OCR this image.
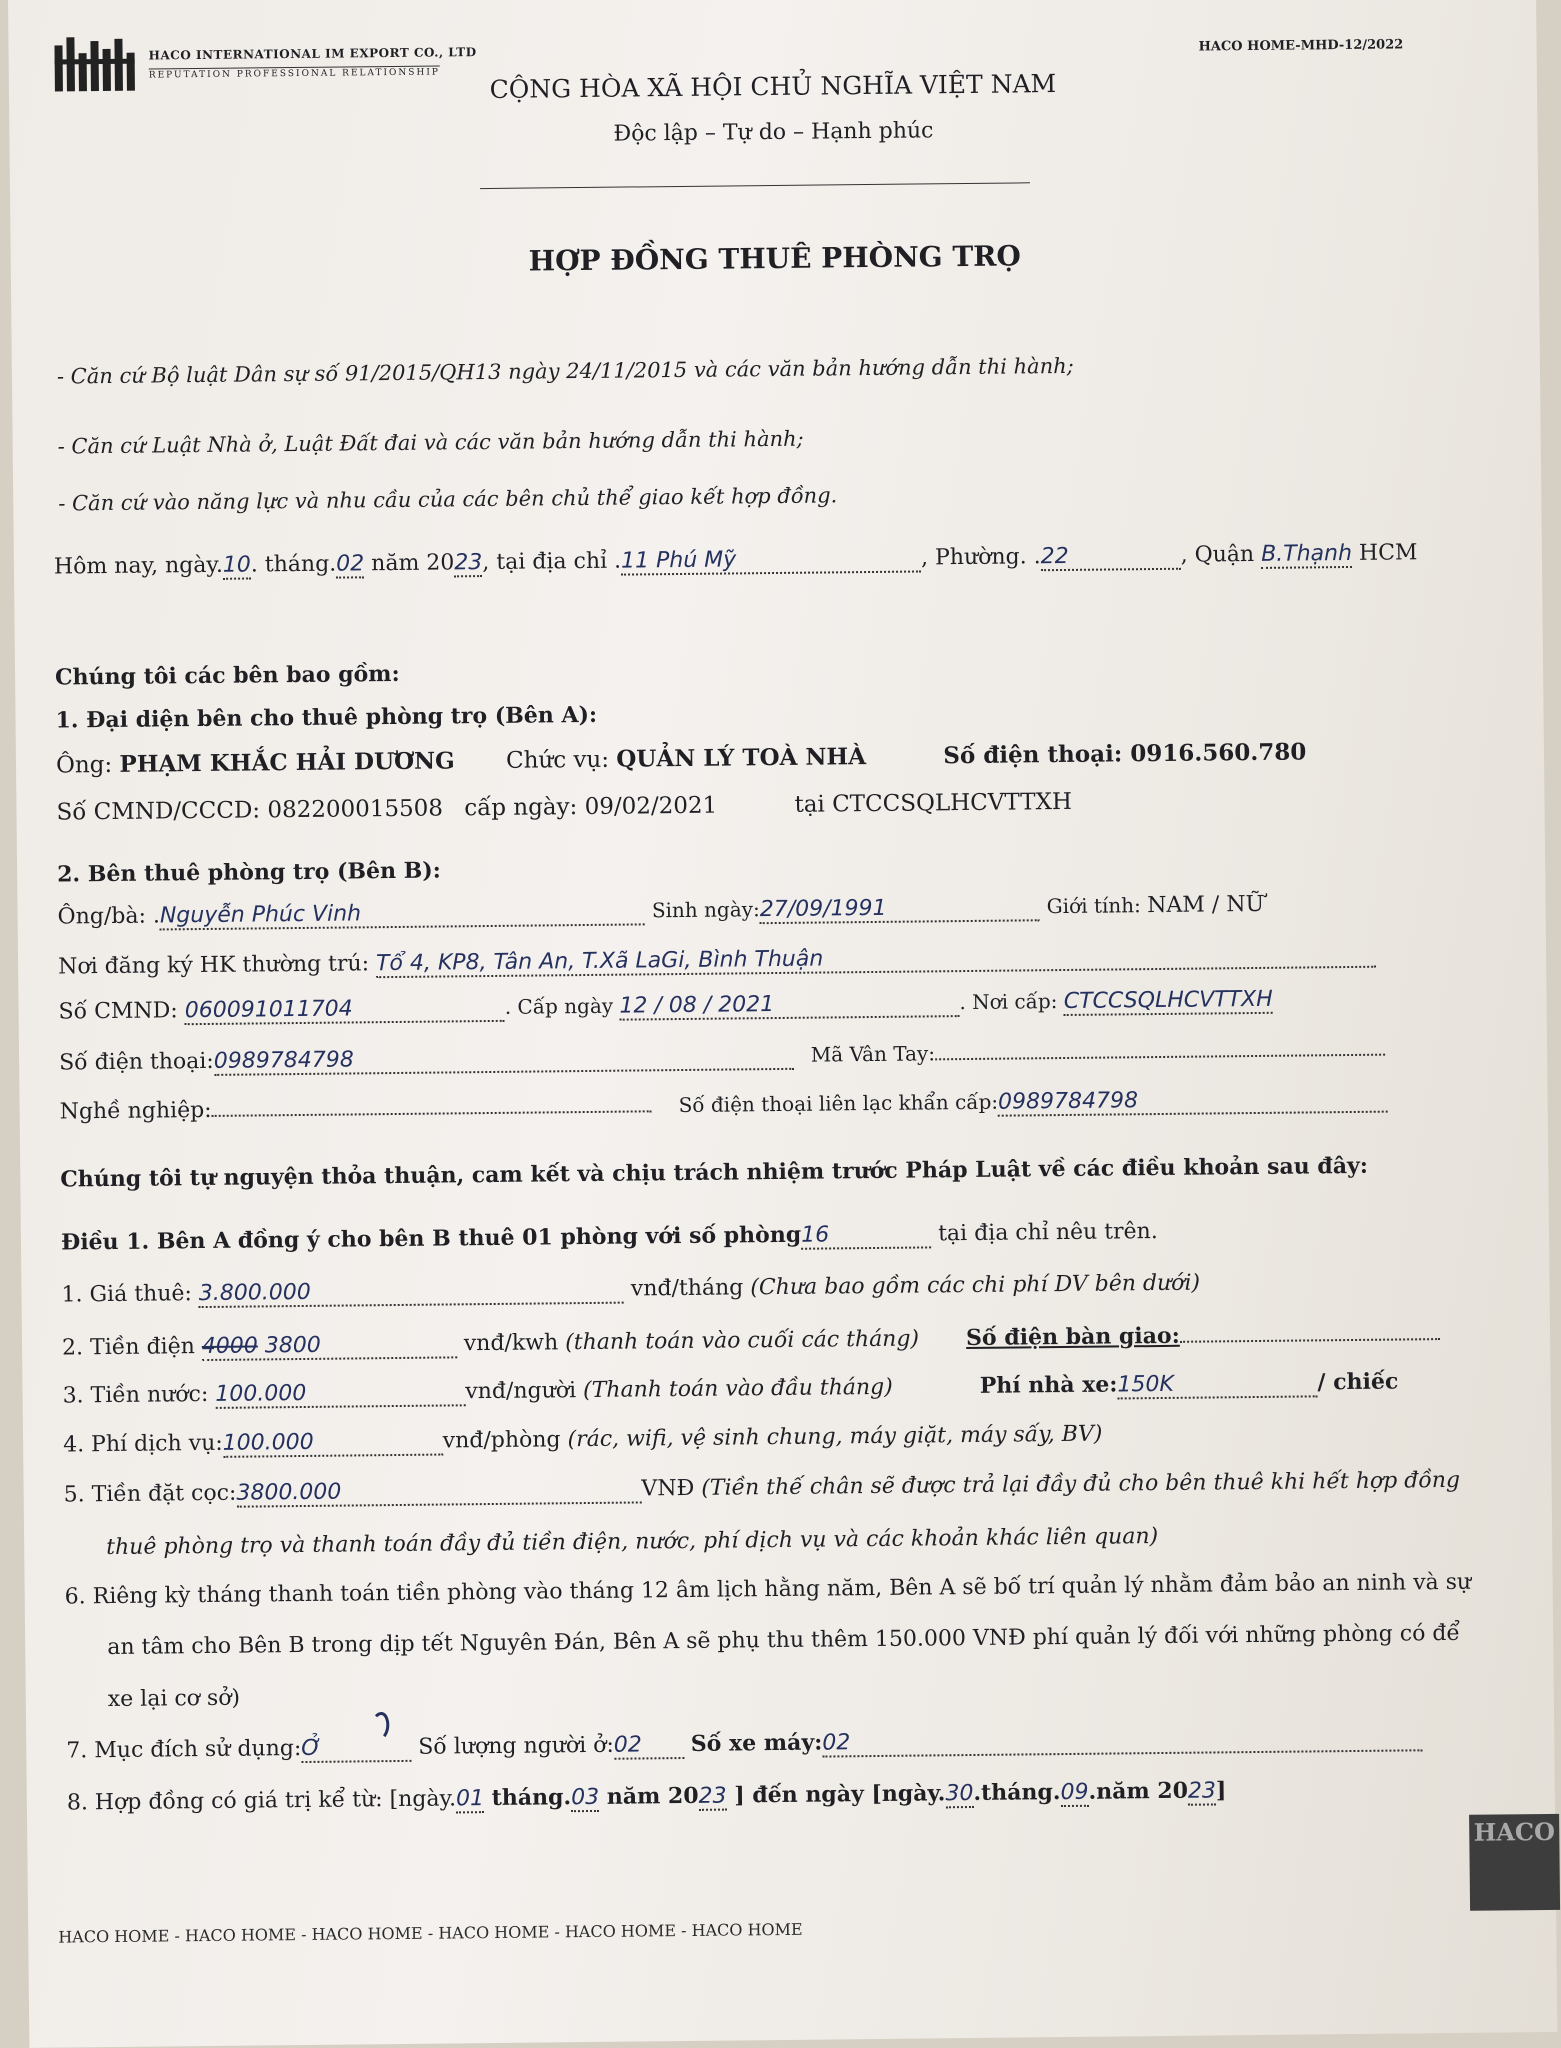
HACO INTERNATIONAL IM EXPORT CO., LTD
REPUTATION PROFESSIONAL RELATIONSHIP
HACO HOME-MHD-12/2022
CỘNG HÒA XÃ HỘI CHỦ NGHĨA VIỆT NAM
Độc lập – Tự do – Hạnh phúc
HỢP ĐỒNG THUÊ PHÒNG TRỌ
- Căn cứ Bộ luật Dân sự số 91/2015/QH13 ngày 24/11/2015 và các văn bản hướng dẫn thi hành;
- Căn cứ Luật Nhà ở, Luật Đất đai và các văn bản hướng dẫn thi hành;
- Căn cứ vào năng lực và nhu cầu của các bên chủ thể giao kết hợp đồng.
Hôm nay, ngày.10. tháng.02 năm 2023, tại địa chỉ .11 Phú Mỹ	, Phường. .22	, Quận B.Thạnh HCM
Chúng tôi các bên bao gồm:
1. Đại diện bên cho thuê phòng trọ (Bên A):
Ông: PHẠM KHẮC HẢI DƯƠNG Chức vụ: QUẢN LÝ TOÀ NHÀ	Số điện thoại: 0916.560.780
Số CMND/CCCD: 082200015508 cấp ngày: 09/02/2021	tại CTCCSQLHCVTTXH
2. Bên thuê phòng trọ (Bên B):
Ông/bà: .Nguyễn Phúc Vinh	Sinh ngày:27/09/1991	Giới tính: NAM / NỮ
Nơi đăng ký HK thường trú: Tổ 4, KP8, Tân An, T.Xã LaGi, Bình Thuận
Số CMND: 060091011704	. Cấp ngày 12 / 08 / 2021	. Nơi cấp: CTCCSQLHCVTTXH
Số điện thoại:0989784798	Mã Vân Tay:
Nghề nghiệp:	Số điện thoại liên lạc khẩn cấp:0989784798
Chúng tôi tự nguyện thỏa thuận, cam kết và chịu trách nhiệm trước Pháp Luật về các điều khoản sau đây:
Điều 1. Bên A đồng ý cho bên B thuê 01 phòng với số phòng16	tại địa chỉ nêu trên.
1. Giá thuê: 3.800.000	vnđ/tháng (Chưa bao gồm các chi phí DV bên dưới)
2. Tiền điện 4000 3800	vnđ/kwh (thanh toán vào cuối các tháng) Số điện bàn giao:
3. Tiền nước: 100.000	vnđ/người (Thanh toán vào đầu tháng)	Phí nhà xe:150K	/ chiếc
4. Phí dịch vụ:100.000	vnđ/phòng (rác, wifi, vệ sinh chung, máy giặt, máy sấy, BV)
5. Tiền đặt cọc:3800.000	VNĐ (Tiền thế chân sẽ được trả lại đầy đủ cho bên thuê khi hết hợp đồng
thuê phòng trọ và thanh toán đầy đủ tiền điện, nước, phí dịch vụ và các khoản khác liên quan)
6. Riêng kỳ tháng thanh toán tiền phòng vào tháng 12 âm lịch hằng năm, Bên A sẽ bố trí quản lý nhằm đảm bảo an ninh và sự
an tâm cho Bên B trong dịp tết Nguyên Đán, Bên A sẽ phụ thu thêm 150.000 VNĐ phí quản lý đối với những phòng có để
xe lại cơ sở)
7. Mục đích sử dụng:Ở	Số lượng người ở:02 Số xe máy:02
8. Hợp đồng có giá trị kể từ: [ngày.01 tháng.03 năm 2023 ] đến ngày [ngày.30.tháng.09.năm 2023]
HACO HOME - HACO HOME - HACO HOME - HACO HOME - HACO HOME - HACO HOME
HACO
